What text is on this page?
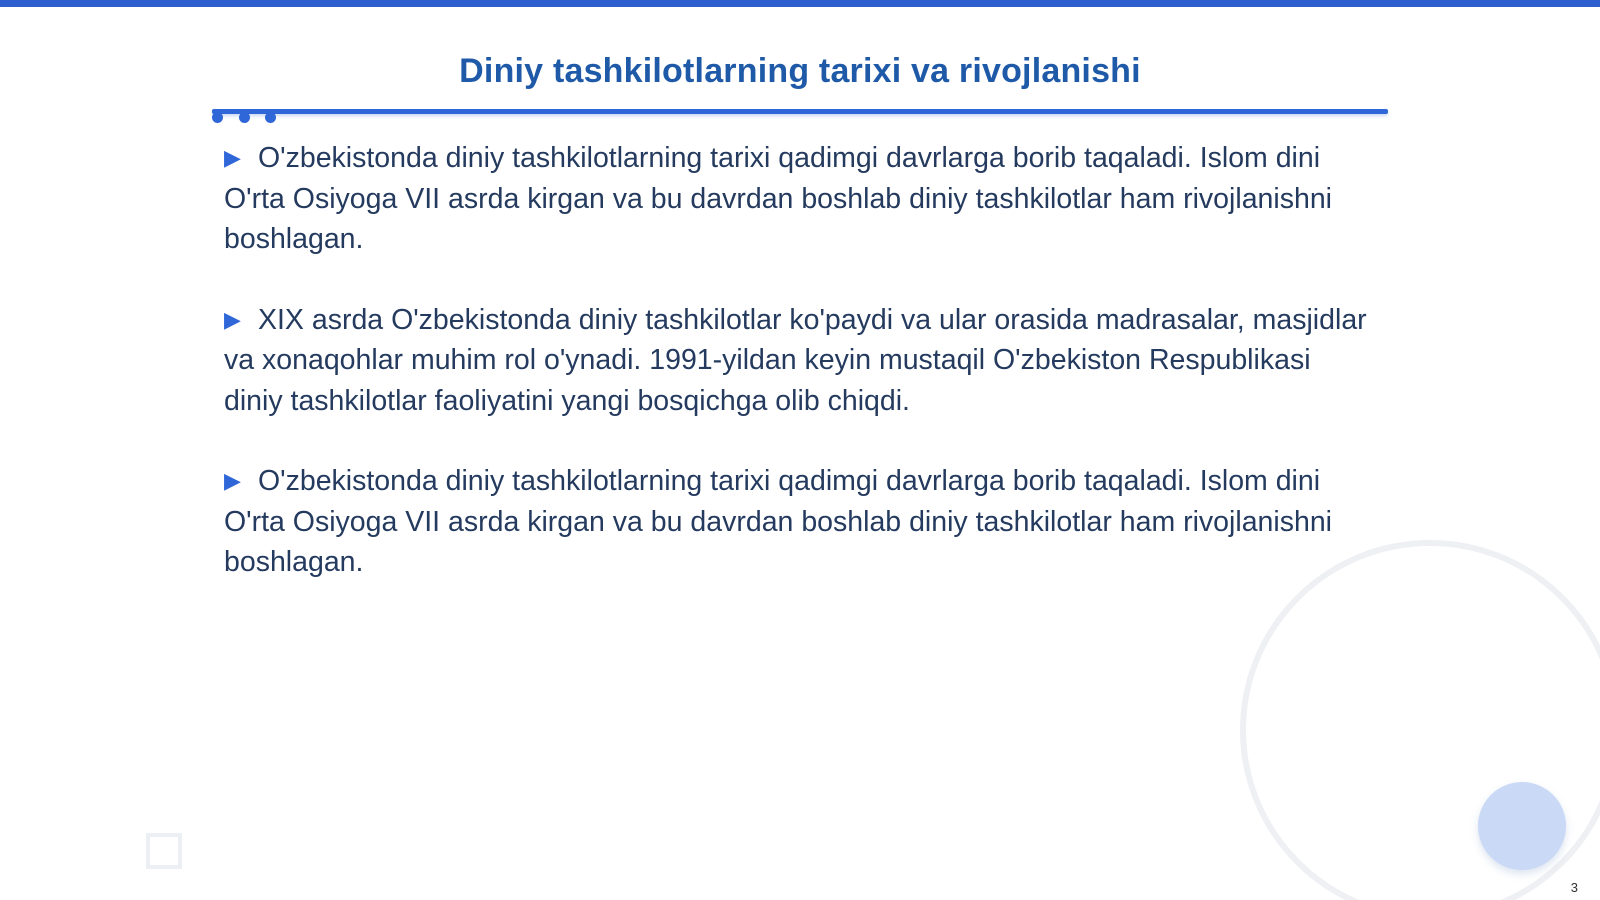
Diniy tashkilotlarning tarixi va rivojlanishi
▶ O'zbekistonda diniy tashkilotlarning tarixi qadimgi davrlarga borib taqaladi. Islom dini O'rta Osiyoga VII asrda kirgan va bu davrdan boshlab diniy tashkilotlar ham rivojlanishni boshlagan.
▶ XIX asrda O'zbekistonda diniy tashkilotlar ko'paydi va ular orasida madrasalar, masjidlar va xonaqohlar muhim rol o'ynadi. 1991-yildan keyin mustaqil O'zbekiston Respublikasi diniy tashkilotlar faoliyatini yangi bosqichga olib chiqdi.
▶ O'zbekistonda diniy tashkilotlarning tarixi qadimgi davrlarga borib taqaladi. Islom dini O'rta Osiyoga VII asrda kirgan va bu davrdan boshlab diniy tashkilotlar ham rivojlanishni boshlagan.
3
